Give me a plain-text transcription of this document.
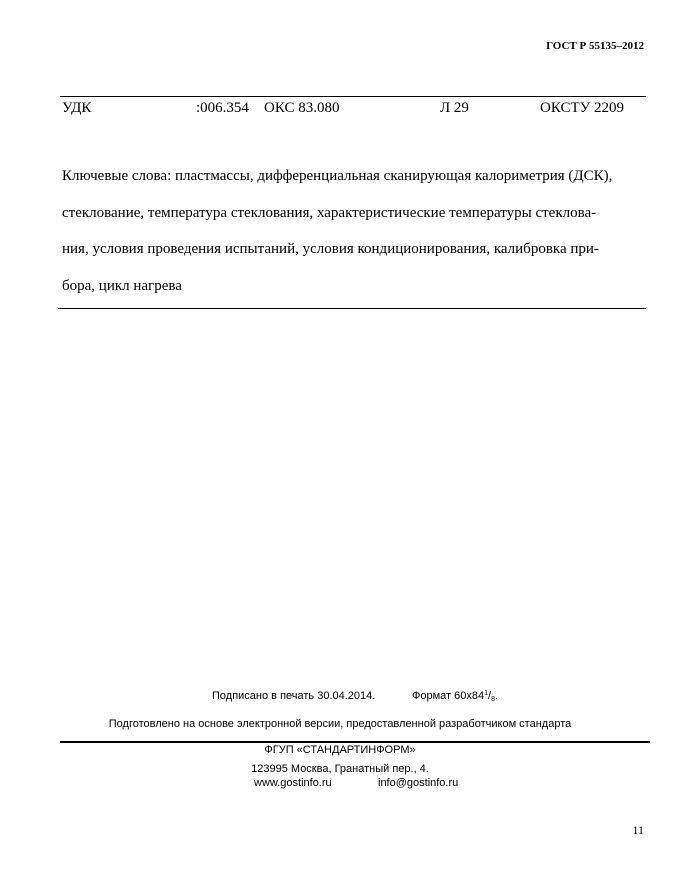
ГОСТ Р 55135–2012
УДК	:006.354 ОКС 83.080	Л 29	ОКСТУ 2209
Ключевые слова: пластмассы, дифференциальная сканирующая калориметрия (ДСК),
стеклование, температура стеклования, характеристические температуры стеклова-
ния, условия проведения испытаний, условия кондиционирования, калибровка при-
бора, цикл нагрева
Подписано в печать 30.04.2014.	Формат $60х84^1/_8$.
Подготовлено на основе электронной версии, предоставленной разработчиком стандарта
ФГУП «СТАНДАРТИНФОРМ»
123995 Москва, Гранатный пер., 4.
www.gostinfo.ru	info@gostinfo.ru
11
